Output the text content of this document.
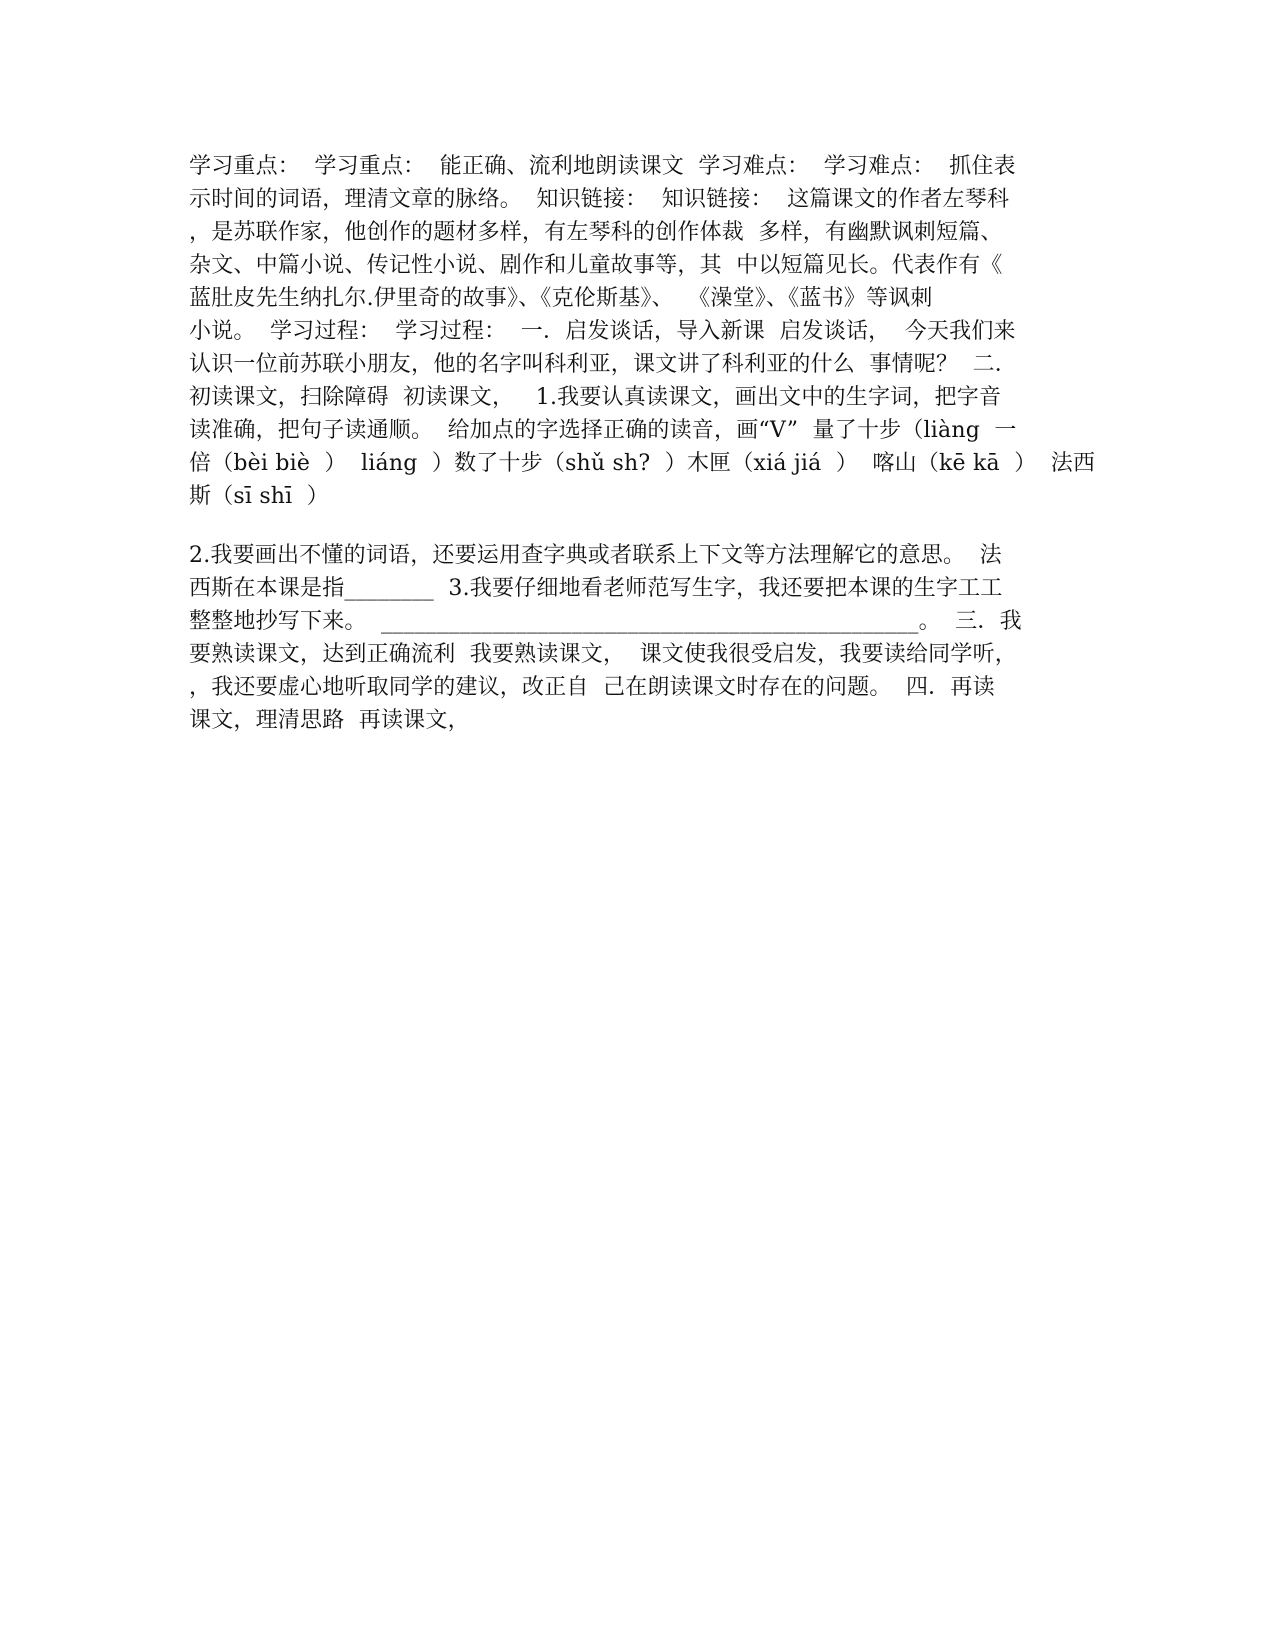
学习重点：  学习重点：  能正确、流利地朗读课文  学习难点：  学习难点：  抓住表
示时间的词语，理清文章的脉络。  知识链接：  知识链接：  这篇课文的作者左琴科
，是苏联作家，他创作的题材多样，有左琴科的创作体裁  多样，有幽默讽刺短篇、
杂文、中篇小说、传记性小说、剧作和儿童故事等，其  中以短篇见长。代表作有《
蓝肚皮先生纳扎尔.伊里奇的故事》、《克伦斯基》、  《澡堂》、《蓝书》等讽刺
小说。  学习过程：  学习过程：  一．启发谈话，导入新课  启发谈话，  今天我们来
认识一位前苏联小朋友，他的名字叫科利亚，课文讲了科利亚的什么  事情呢？  二．
初读课文，扫除障碍  初读课文，   1.我要认真读课文，画出文中的生字词，把字音
读准确，把句子读通顺。  给加点的字选择正确的读音，画“V”  量了十步（liàng  一
倍（bèi biè  ）  liáng  ）数了十步（shǔ sh?  ）木匣（xiá jiá  ）  喀山（kē kā  ）  法西
斯（sī shī  ）
2.我要画出不懂的词语，还要运用查字典或者联系上下文等方法理解它的意思。  法
西斯在本课是指________  3.我要仔细地看老师范写生字，我还要把本课的生字工工
整整地抄写下来。  ________________________________________________。  三．我
要熟读课文，达到正确流利  我要熟读课文，  课文使我很受启发，我要读给同学听，
，我还要虚心地听取同学的建议，改正自  己在朗读课文时存在的问题。  四．再读
课文，理清思路  再读课文，
